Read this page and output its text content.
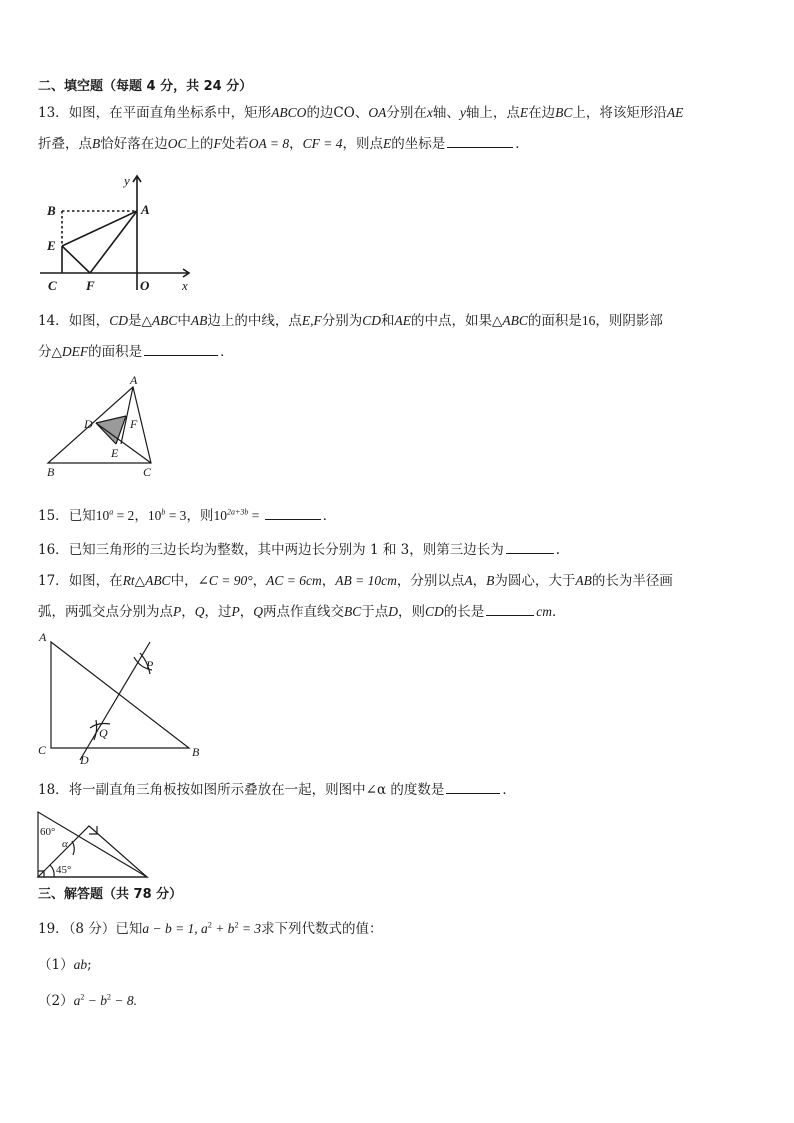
二、填空题（每题 4 分，共 24 分）
13．如图，在平面直角坐标系中，矩形ABCO的边CO、OA分别在x轴、y轴上，点E在边BC上，将该矩形沿AE
折叠，点B恰好落在边OC上的F处若OA = 8，CF = 4，则点E的坐标是	．
B	A
E
C F	O	x
y
14．如图，CD是△ABC中AB边上的中线，点E,F分别为CD和AE的中点，如果△ABC的面积是16，则阴影部
分△DEF的面积是	．
A
D	F
E
B	C
15．已知$10^a = 2$，$10^b = 3$，则$10^{2a+3b}$ =	．
16．已知三角形的三边长均为整数，其中两边长分别为 1 和 3，则第三边长为	.
17．如图，在Rt△ABC中，∠C = 90°，AC = 6cm，AB = 10cm，分别以点A，B为圆心，大于AB的长为半径画
弧，两弧交点分别为点P，Q，过P，Q两点作直线交BC于点D，则CD的长是	cm．
A
P
Q
C
D
B
18．将一副直角三角板按如图所示叠放在一起，则图中∠α 的度数是	．
60°
α
45°
三、解答题（共 78 分）
19．（8 分）已知a − b = 1, $a^2 + b^2 = 3$求下列代数式的值：
（1）ab;
$(2)a^2 - b^2 - 8$.
